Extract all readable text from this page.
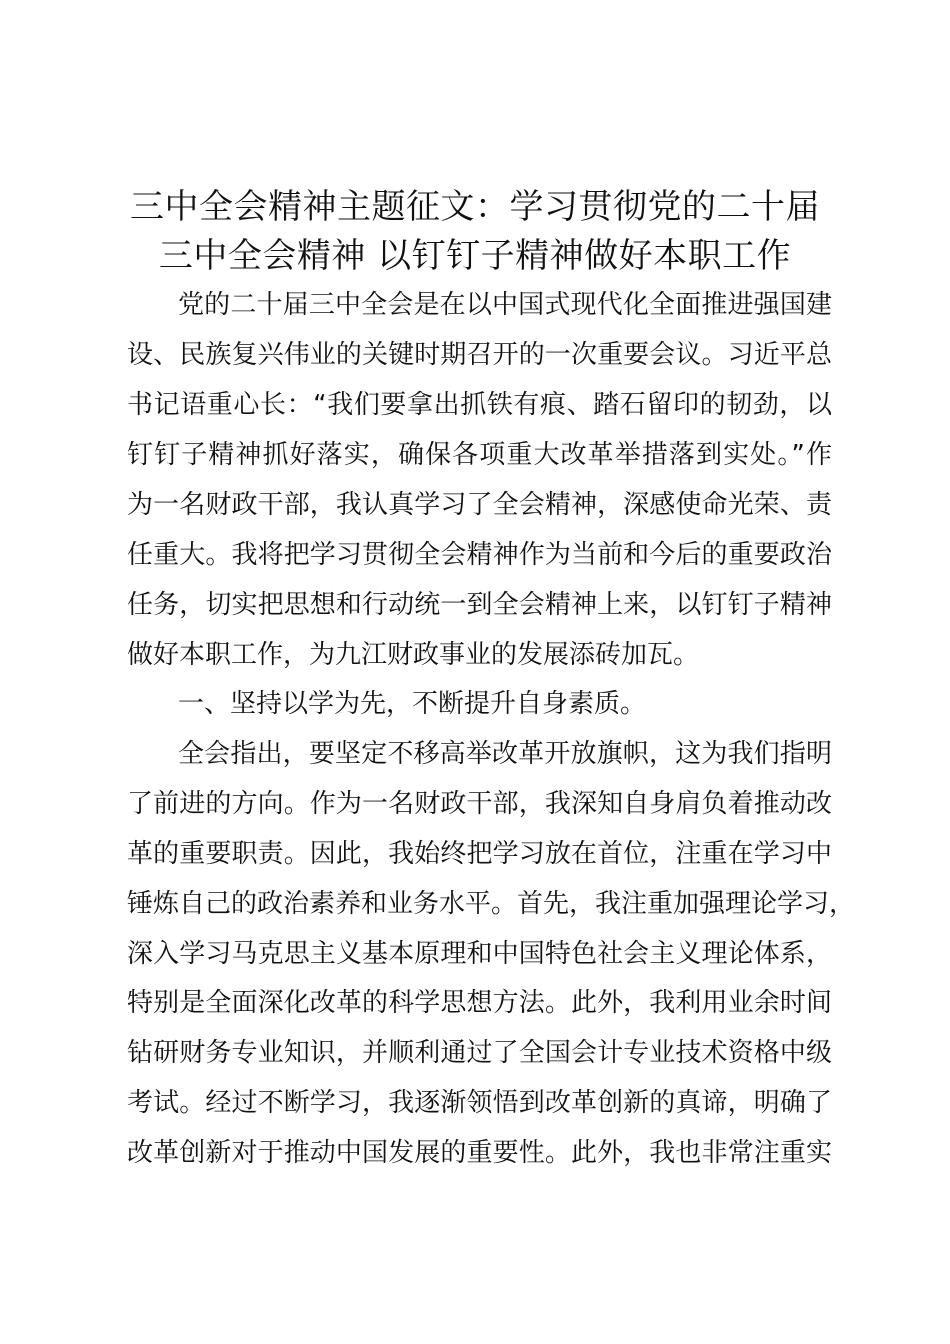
三中全会精神主题征文：学习贯彻党的二十届
三中全会精神 以钉钉子精神做好本职工作
党的二十届三中全会是在以中国式现代化全面推进强国建
设、民族复兴伟业的关键时期召开的一次重要会议。习近平总
书记语重心长：“我们要拿出抓铁有痕、踏石留印的韧劲，以
钉钉子精神抓好落实，确保各项重大改革举措落到实处。”作
为一名财政干部，我认真学习了全会精神，深感使命光荣、责
任重大。我将把学习贯彻全会精神作为当前和今后的重要政治
任务，切实把思想和行动统一到全会精神上来，以钉钉子精神
做好本职工作，为九江财政事业的发展添砖加瓦。
一、坚持以学为先，不断提升自身素质。
全会指出，要坚定不移高举改革开放旗帜，这为我们指明
了前进的方向。作为一名财政干部，我深知自身肩负着推动改
革的重要职责。因此，我始终把学习放在首位，注重在学习中
锤炼自己的政治素养和业务水平。首先，我注重加强理论学习，
深入学习马克思主义基本原理和中国特色社会主义理论体系，
特别是全面深化改革的科学思想方法。此外，我利用业余时间
钻研财务专业知识，并顺利通过了全国会计专业技术资格中级
考试。经过不断学习，我逐渐领悟到改革创新的真谛，明确了
改革创新对于推动中国发展的重要性。此外，我也非常注重实
